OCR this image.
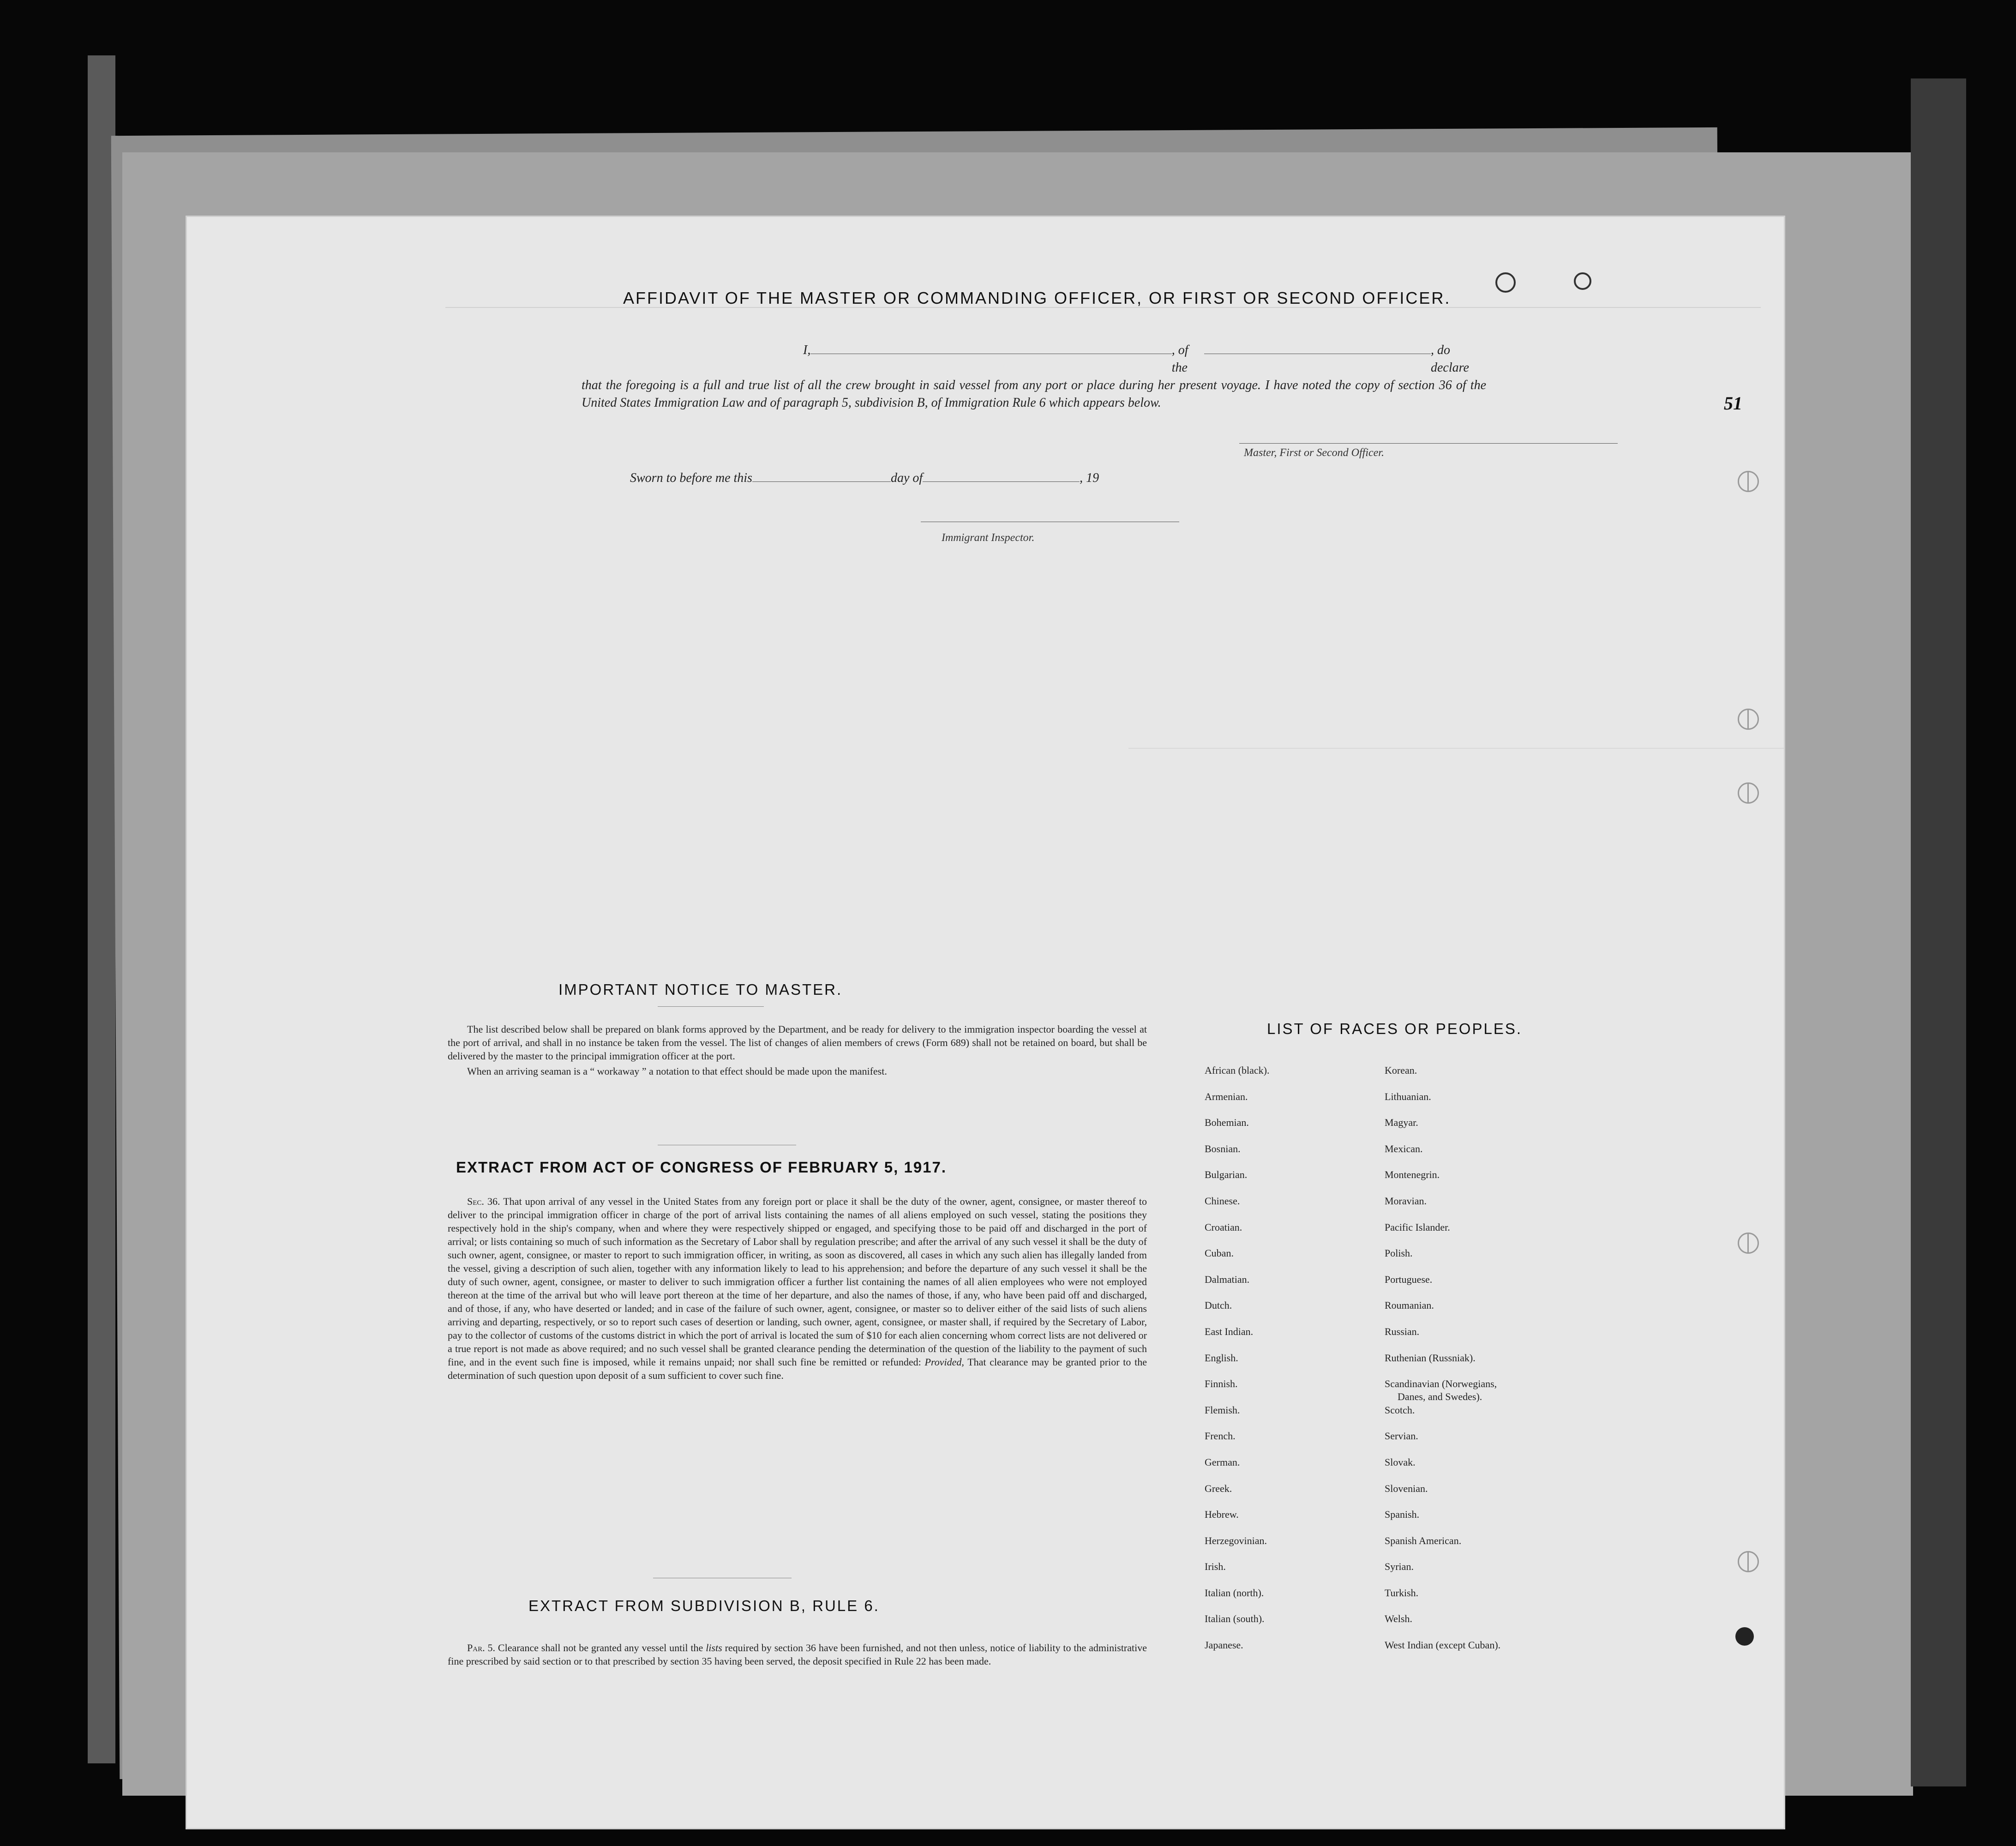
51
AFFIDAVIT OF THE MASTER OR COMMANDING OFFICER, OR FIRST OR SECOND OFFICER.
I,	, of the
, do declare
that the foregoing is a full and true list of all the crew brought in said vessel from any port or place during her present voyage. I have noted the copy of section 36 of the United States Immigration Law and of paragraph 5, subdivision B, of Immigration Rule 6 which appears below.
Master, First or Second Officer.
Sworn to before me this	day of	, 19
Immigrant Inspector.
IMPORTANT NOTICE TO MASTER.

The list described below shall be prepared on blank forms approved by the Department, and be ready for delivery to the immigration inspector boarding the vessel at the port of arrival, and shall in no instance be taken from the vessel. The list of changes of alien members of crews (Form 689) shall not be retained on board, but shall be delivered by the master to the principal immigration officer at the port.

When an arriving seaman is a “ workaway ” a notation to that effect should be made upon the manifest.

EXTRACT FROM ACT OF CONGRESS OF FEBRUARY 5, 1917.

Sec. 36. That upon arrival of any vessel in the United States from any foreign port or place it shall be the duty of the owner, agent, consignee, or master thereof to deliver to the principal immigration officer in charge of the port of arrival lists containing the names of all aliens employed on such vessel, stating the positions they respectively hold in the ship's company, when and where they were respectively shipped or engaged, and specifying those to be paid off and discharged in the port of arrival; or lists containing so much of such information as the Secretary of Labor shall by regulation prescribe; and after the arrival of any such vessel it shall be the duty of such owner, agent, consignee, or master to report to such immigration officer, in writing, as soon as discovered, all cases in which any such alien has illegally landed from the vessel, giving a description of such alien, together with any information likely to lead to his apprehension; and before the departure of any such vessel it shall be the duty of such owner, agent, consignee, or master to deliver to such immigration officer a further list containing the names of all alien employees who were not employed thereon at the time of the arrival but who will leave port thereon at the time of her departure, and also the names of those, if any, who have been paid off and discharged, and of those, if any, who have deserted or landed; and in case of the failure of such owner, agent, consignee, or master so to deliver either of the said lists of such aliens arriving and departing, respectively, or so to report such cases of desertion or landing, such owner, agent, consignee, or master shall, if required by the Secretary of Labor, pay to the collector of customs of the customs district in which the port of arrival is located the sum of $10 for each alien concerning whom correct lists are not delivered or a true report is not made as above required; and no such vessel shall be granted clearance pending the determination of the question of the liability to the payment of such fine, and in the event such fine is imposed, while it remains unpaid; nor shall such fine be remitted or refunded: Provided, That clearance may be granted prior to the determination of such question upon deposit of a sum sufficient to cover such fine.

EXTRACT FROM SUBDIVISION B, RULE 6.

Par. 5. Clearance shall not be granted any vessel until the lists required by section 36 have been furnished, and not then unless, notice of liability to the administrative fine prescribed by said section or to that prescribed by section 35 having been served, the deposit specified in Rule 22 has been made.

LIST OF RACES OR PEOPLES.
African (black).
Armenian.
Bohemian.
Bosnian.
Bulgarian.
Chinese.
Croatian.
Cuban.
Dalmatian.
Dutch.
East Indian.
English.
Finnish.
Flemish.
French.
German.
Greek.
Hebrew.
Herzegovinian.
Irish.
Italian (north).
Italian (south).
Japanese.
Korean.
Lithuanian.
Magyar.
Mexican.
Montenegrin.
Moravian.
Pacific Islander.
Polish.
Portuguese.
Roumanian.
Russian.
Ruthenian (Russniak).
Scandinavian (Norwegians,
Danes, and Swedes).
Scotch.
Servian.
Slovak.
Slovenian.
Spanish.
Spanish American.
Syrian.
Turkish.
Welsh.
West Indian (except Cuban).
